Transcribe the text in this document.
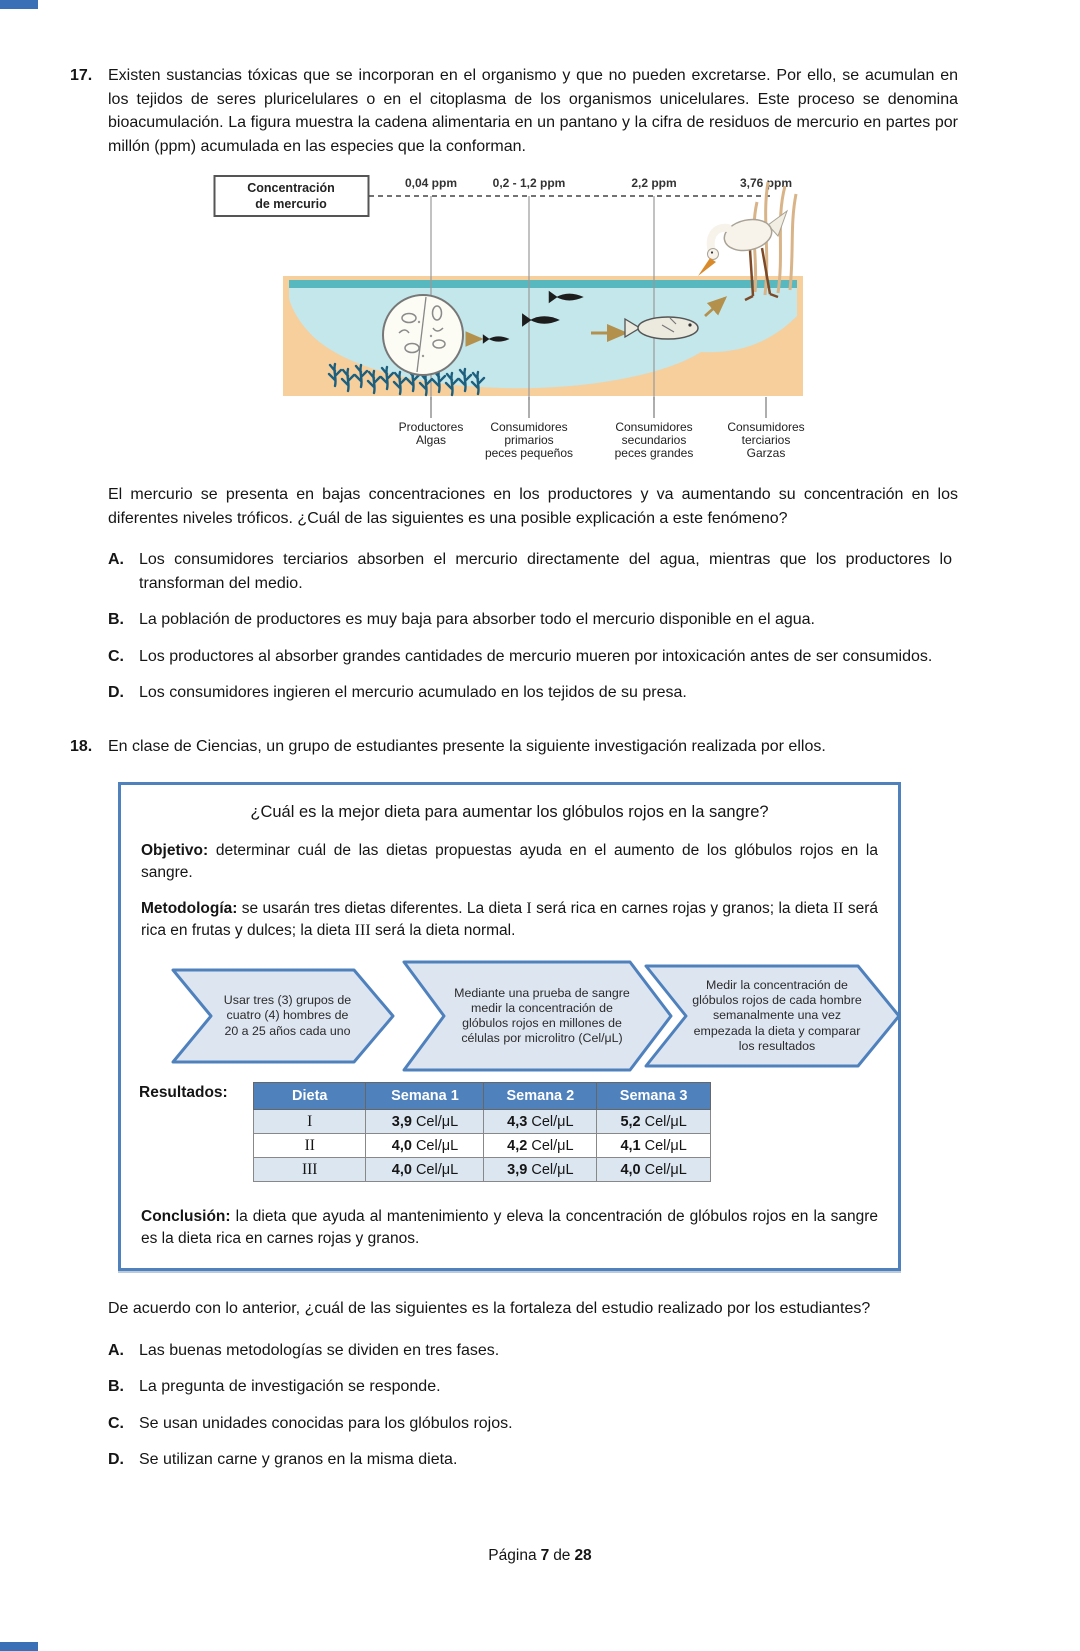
17. Existen sustancias tóxicas que se incorporan en el organismo y que no pueden excretarse. Por ello, se acumulan en los tejidos de seres pluricelulares o en el citoplasma de los organismos unicelulares. Este proceso se denomina bioacumulación. La figura muestra la cadena alimentaria en un pantano y la cifra de residuos de mercurio en partes por millón (ppm) acumulada en las especies que la conforman.
Concentración
de mercurio
0,04 ppm	0,2 - 1,2 ppm	2,2 ppm	3,76 ppm
Productores
Algas
Consumidores
primarios
peces pequeños
Consumidores
secundarios
peces grandes
Consumidores
terciarios
Garzas
El mercurio se presenta en bajas concentraciones en los productores y va aumentando su concentración en los diferentes niveles tróficos. ¿Cuál de las siguientes es una posible explicación a este fenómeno?
A. Los consumidores terciarios absorben el mercurio directamente del agua, mientras que los productores lo transforman del medio.
B. La población de productores es muy baja para absorber todo el mercurio disponible en el agua.
C. Los productores al absorber grandes cantidades de mercurio mueren por intoxicación antes de ser consumidos.
D. Los consumidores ingieren el mercurio acumulado en los tejidos de su presa.
18. En clase de Ciencias, un grupo de estudiantes presente la siguiente investigación realizada por ellos.
¿Cuál es la mejor dieta para aumentar los glóbulos rojos en la sangre?

Objetivo: determinar cuál de las dietas propuestas ayuda en el aumento de los glóbulos rojos en la sangre.

Metodología: se usarán tres dietas diferentes. La dieta I será rica en carnes rojas y granos; la dieta II será rica en frutas y dulces; la dieta III será la dieta normal.

Usar tres (3) grupos de cuatro (4) hombres de 20 a 25 años cada uno
Mediante una prueba de sangre medir la concentración de glóbulos rojos en millones de células por microlitro (Cel/μL)
Medir la concentración de glóbulos rojos de cada hombre semanalmente una vez empezada la dieta y comparar los resultados
Resultados:	Dieta	Semana 1	Semana 2	Semana 3
I	3,9 Cel/μL	4,3 Cel/μL	5,2 Cel/μL
II	4,0 Cel/μL	4,2 Cel/μL	4,1 Cel/μL
III	4,0 Cel/μL	3,9 Cel/μL	4,0 Cel/μL

Conclusión: la dieta que ayuda al mantenimiento y eleva la concentración de glóbulos rojos en la sangre es la dieta rica en carnes rojas y granos.

De acuerdo con lo anterior, ¿cuál de las siguientes es la fortaleza del estudio realizado por los estudiantes?
A. Las buenas metodologías se dividen en tres fases.
B. La pregunta de investigación se responde.
C. Se usan unidades conocidas para los glóbulos rojos.
D. Se utilizan carne y granos en la misma dieta.
Página 7 de 28
